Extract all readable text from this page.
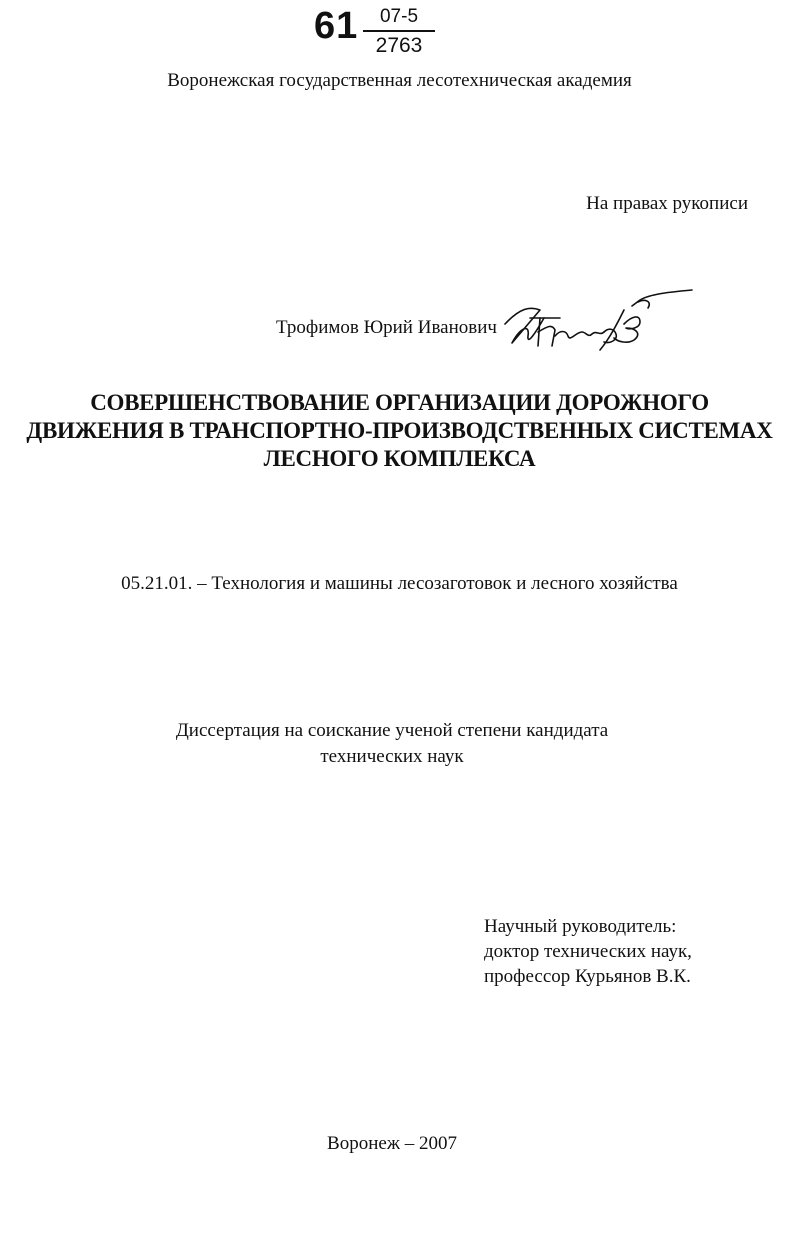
61	07-5
2763
Воронежская государственная лесотехническая академия
На правах рукописи
Трофимов Юрий Иванович
СОВЕРШЕНСТВОВАНИЕ ОРГАНИЗАЦИИ ДОРОЖНОГО
ДВИЖЕНИЯ В ТРАНСПОРТНО-ПРОИЗВОДСТВЕННЫХ СИСТЕМАХ
ЛЕСНОГО КОМПЛЕКСА
05.21.01. – Технология и машины лесозаготовок и лесного хозяйства
Диссертация на соискание ученой степени кандидата
технических наук
Научный руководитель:
доктор технических наук,
профессор Курьянов В.К.
Воронеж – 2007
